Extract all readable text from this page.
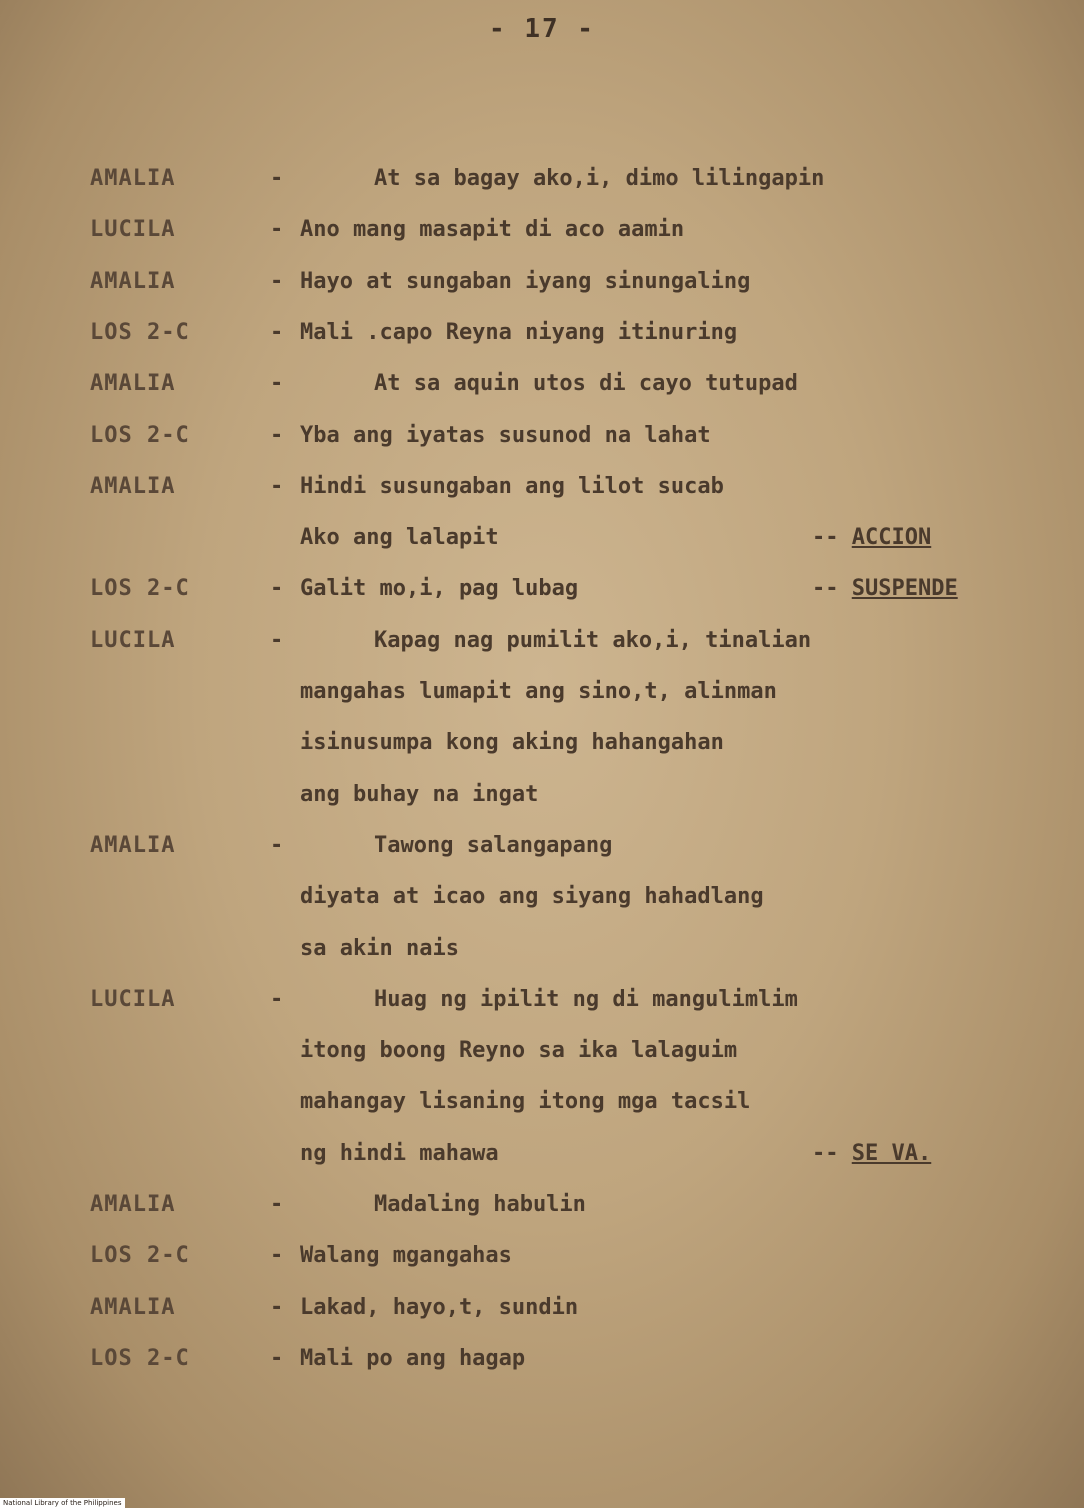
- 17 -
AMALIA	-	At sa bagay ako,i, dimo lilingapin
LUCILA	- Ano mang masapit di aco aamin
AMALIA	- Hayo at sungaban iyang sinungaling
LOS 2-C	- Mali .capo Reyna niyang itinuring
AMALIA	-	At sa aquin utos di cayo tutupad
LOS 2-C	- Yba ang iyatas susunod na lahat
AMALIA	- Hindi susungaban ang lilot sucab
Ako ang lalapit	-- ACCION
LOS 2-C	- Galit mo,i, pag lubag	-- SUSPENDE
LUCILA	-	Kapag nag pumilit ako,i, tinalian
mangahas lumapit ang sino,t, alinman
isinusumpa kong aking hahangahan
ang buhay na ingat
AMALIA	-	Tawong salangapang
diyata at icao ang siyang hahadlang
sa akin nais
LUCILA	-	Huag ng ipilit ng di mangulimlim
itong boong Reyno sa ika lalaguim
mahangay lisaning itong mga tacsil
ng hindi mahawa	-- SE VA.
AMALIA	-	Madaling habulin
LOS 2-C	- Walang mgangahas
AMALIA	- Lakad, hayo,t, sundin
LOS 2-C	- Mali po ang hagap
National Library of the Philippines
